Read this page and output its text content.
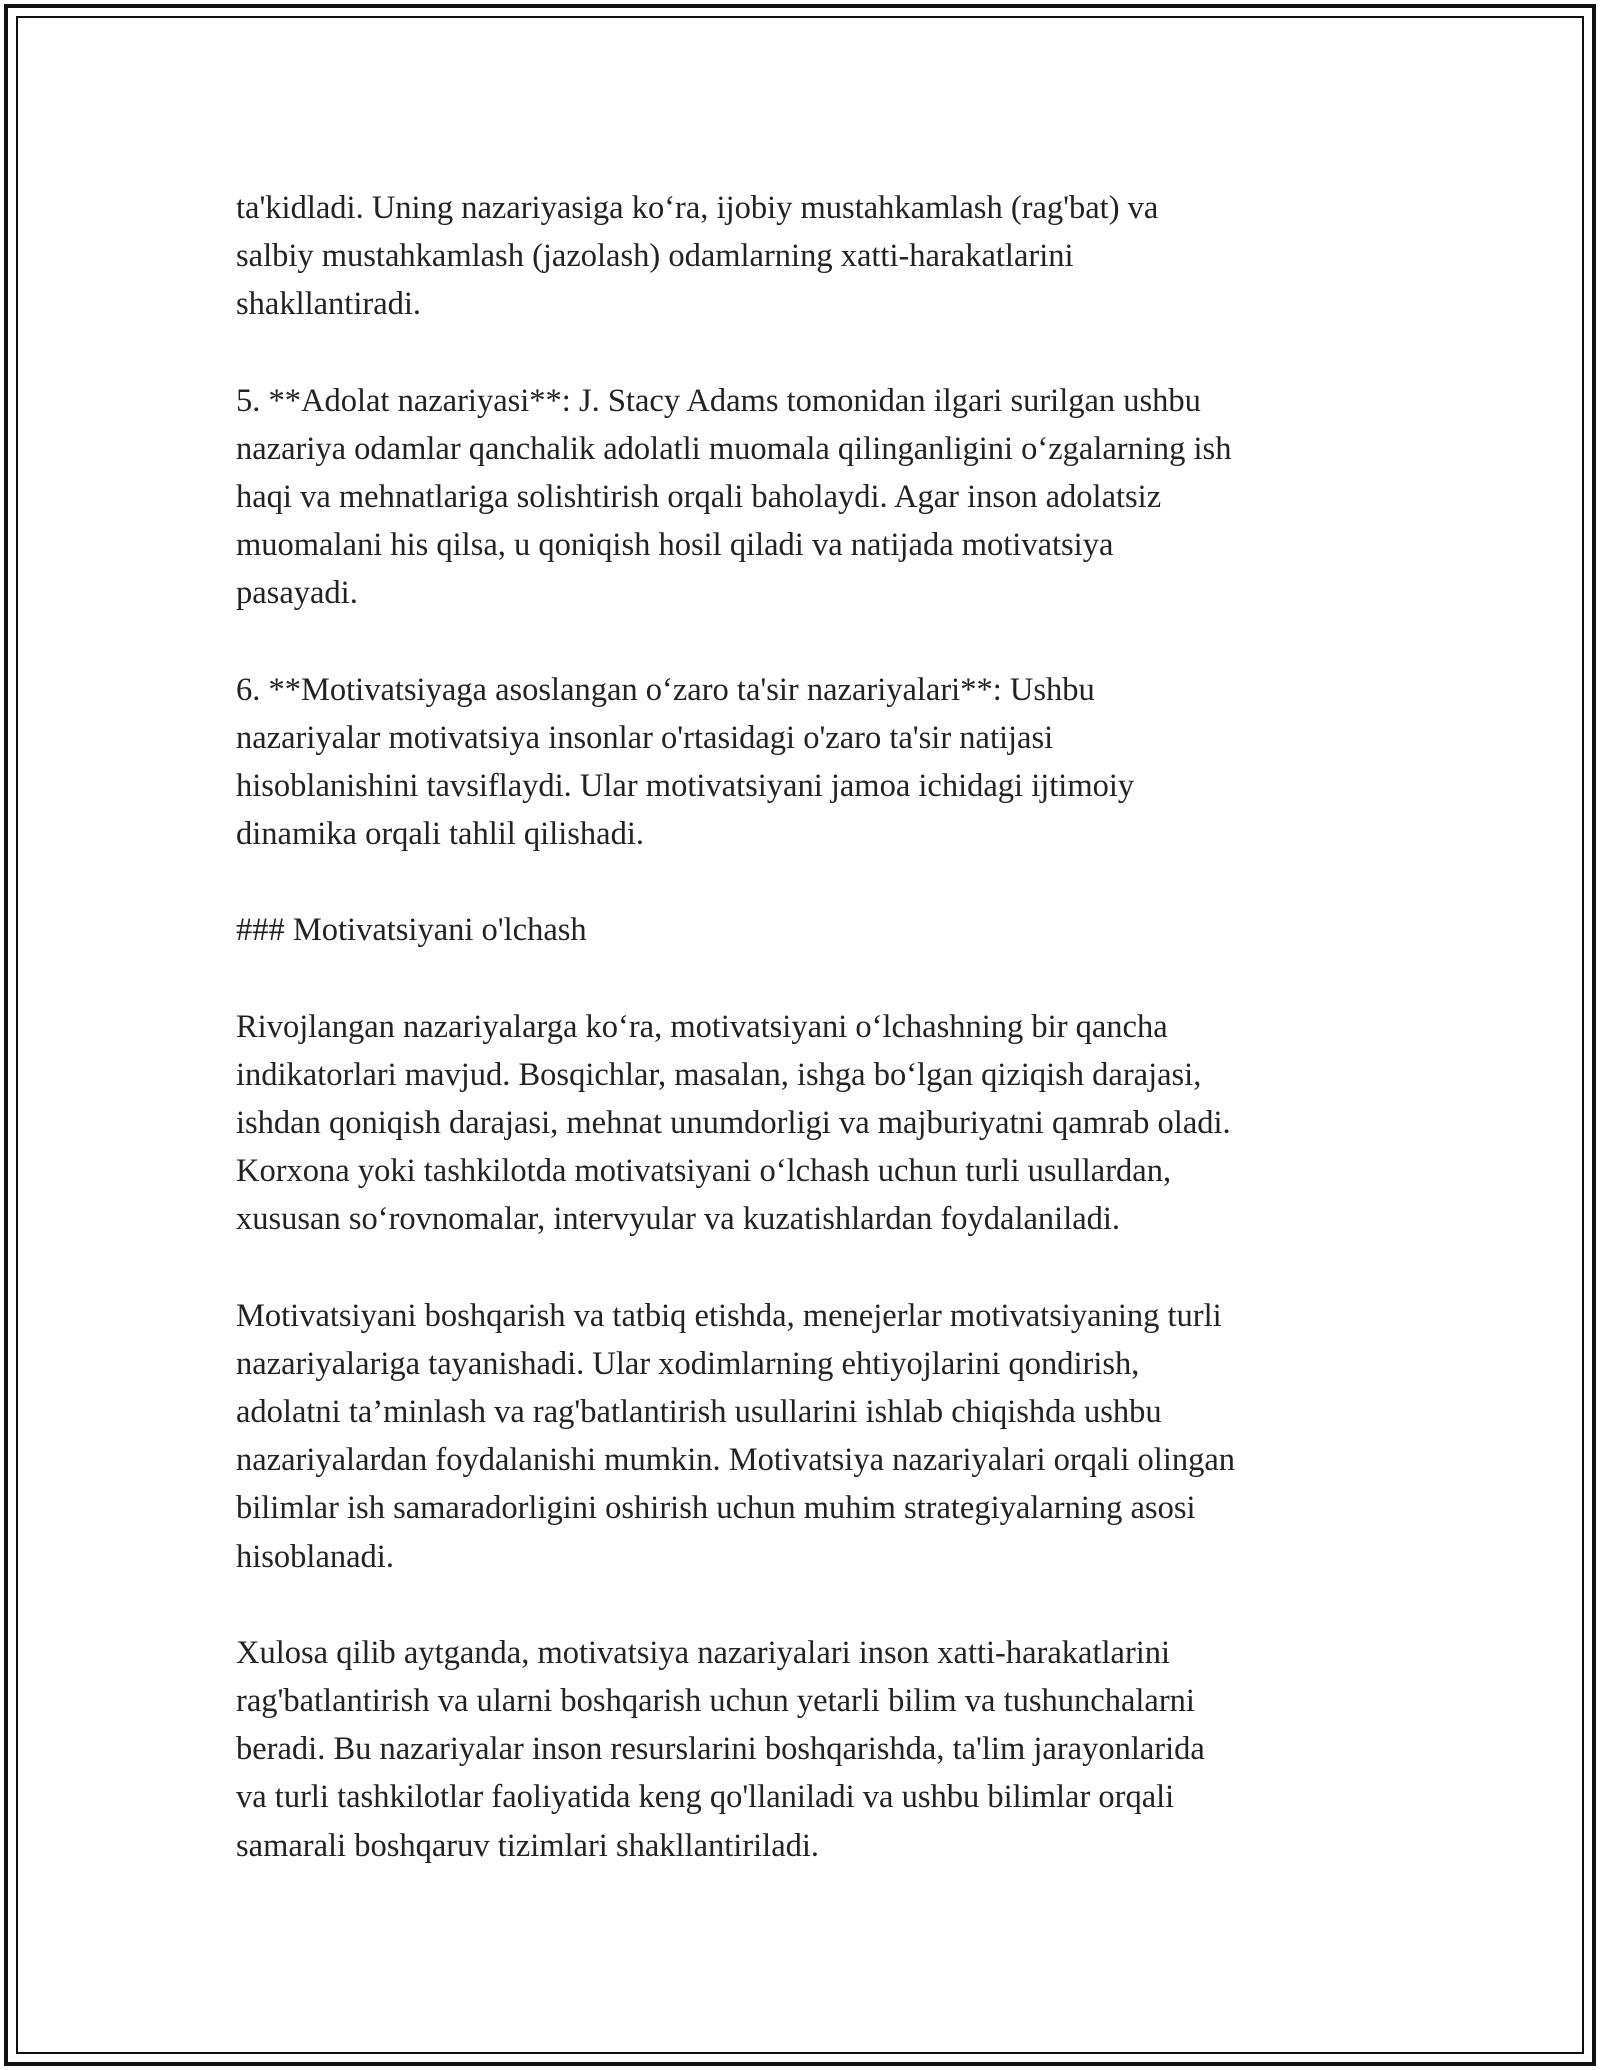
ta'kidladi. Uning nazariyasiga ko‘ra, ijobiy mustahkamlash (rag'bat) va
salbiy mustahkamlash (jazolash) odamlarning xatti-harakatlarini
shakllantiradi.

5. **Adolat nazariyasi**: J. Stacy Adams tomonidan ilgari surilgan ushbu
nazariya odamlar qanchalik adolatli muomala qilinganligini o‘zgalarning ish
haqi va mehnatlariga solishtirish orqali baholaydi. Agar inson adolatsiz
muomalani his qilsa, u qoniqish hosil qiladi va natijada motivatsiya
pasayadi.

6. **Motivatsiyaga asoslangan o‘zaro ta'sir nazariyalari**: Ushbu
nazariyalar motivatsiya insonlar o'rtasidagi o'zaro ta'sir natijasi
hisoblanishini tavsiflaydi. Ular motivatsiyani jamoa ichidagi ijtimoiy
dinamika orqali tahlil qilishadi.

### Motivatsiyani o'lchash

Rivojlangan nazariyalarga ko‘ra, motivatsiyani o‘lchashning bir qancha
indikatorlari mavjud. Bosqichlar, masalan, ishga bo‘lgan qiziqish darajasi,
ishdan qoniqish darajasi, mehnat unumdorligi va majburiyatni qamrab oladi.
Korxona yoki tashkilotda motivatsiyani o‘lchash uchun turli usullardan,
xususan so‘rovnomalar, intervyular va kuzatishlardan foydalaniladi.

Motivatsiyani boshqarish va tatbiq etishda, menejerlar motivatsiyaning turli
nazariyalariga tayanishadi. Ular xodimlarning ehtiyojlarini qondirish,
adolatni ta’minlash va rag'batlantirish usullarini ishlab chiqishda ushbu
nazariyalardan foydalanishi mumkin. Motivatsiya nazariyalari orqali olingan
bilimlar ish samaradorligini oshirish uchun muhim strategiyalarning asosi
hisoblanadi.

Xulosa qilib aytganda, motivatsiya nazariyalari inson xatti-harakatlarini
rag'batlantirish va ularni boshqarish uchun yetarli bilim va tushunchalarni
beradi. Bu nazariyalar inson resurslarini boshqarishda, ta'lim jarayonlarida
va turli tashkilotlar faoliyatida keng qo'llaniladi va ushbu bilimlar orqali
samarali boshqaruv tizimlari shakllantiriladi.
